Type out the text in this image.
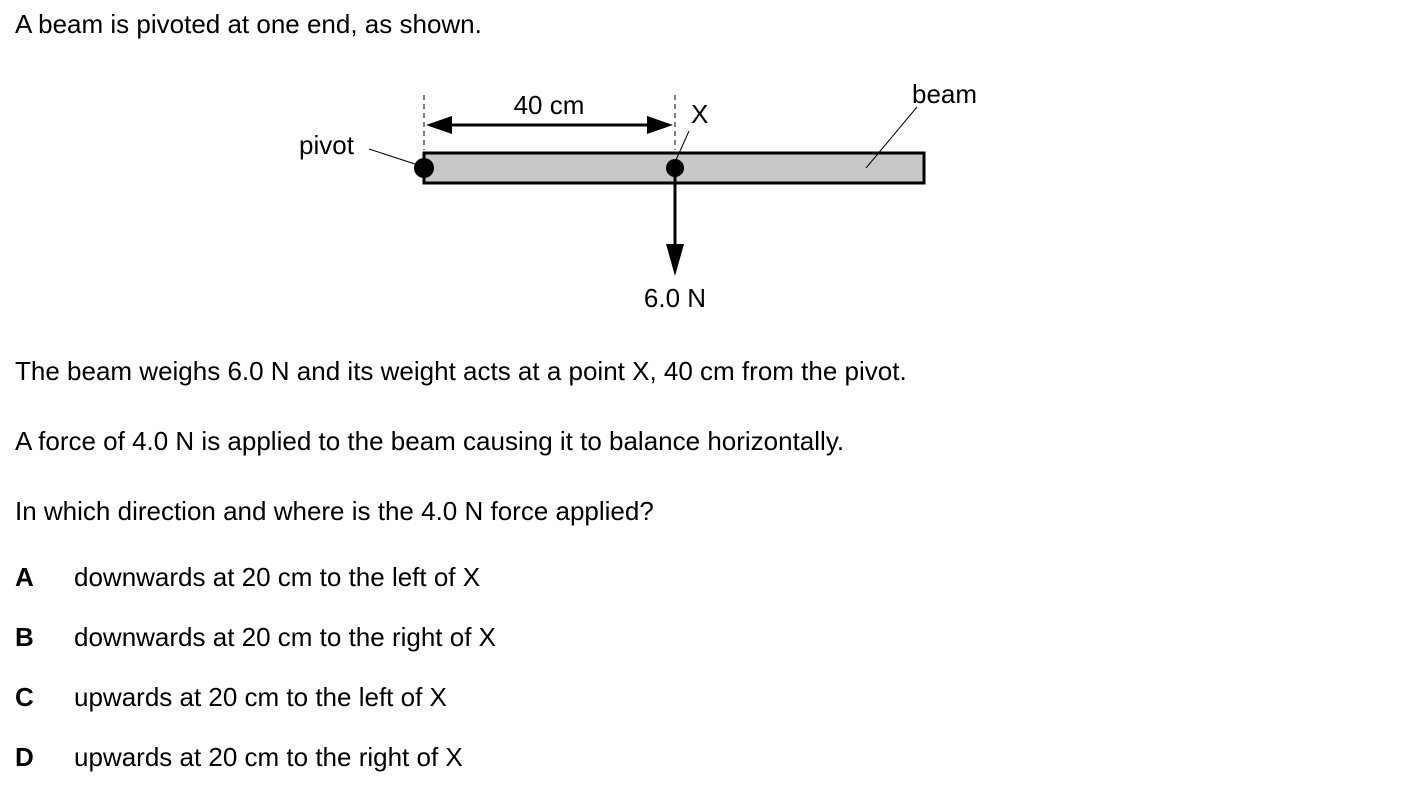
A beam is pivoted at one end, as shown.

40 cm
pivot
X
beam
6.0 N

The beam weighs 6.0 N and its weight acts at a point X, 40 cm from the pivot.

A force of 4.0 N is applied to the beam causing it to balance horizontally.

In which direction and where is the 4.0 N force applied?

A downwards at 20 cm to the left of X
B downwards at 20 cm to the right of X
C upwards at 20 cm to the left of X
D upwards at 20 cm to the right of X
